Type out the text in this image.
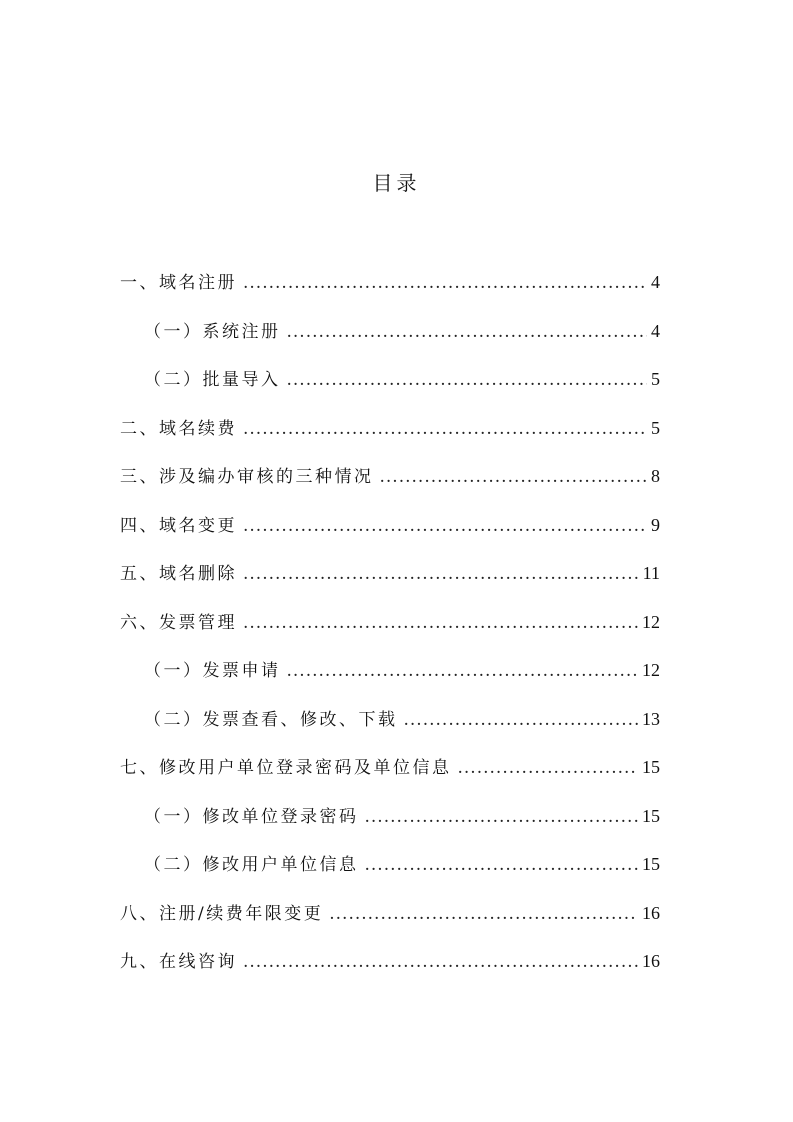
目录
一、域名注册 .....	4
（一）系统注册 .....	4
（二）批量导入 .....	5
二、域名续费 .....	5
三、涉及编办审核的三种情况 .....	8
四、域名变更 .....	9
五、域名删除 .....	11
六、发票管理 .....	12
（一）发票申请 .....	12
（二）发票查看、修改、下载 .....	13
七、修改用户单位登录密码及单位信息 .....	15
（一）修改单位登录密码 .....	15
（二）修改用户单位信息 .....	15
八、注册/续费年限变更 .....	16
九、在线咨询 .....	16
